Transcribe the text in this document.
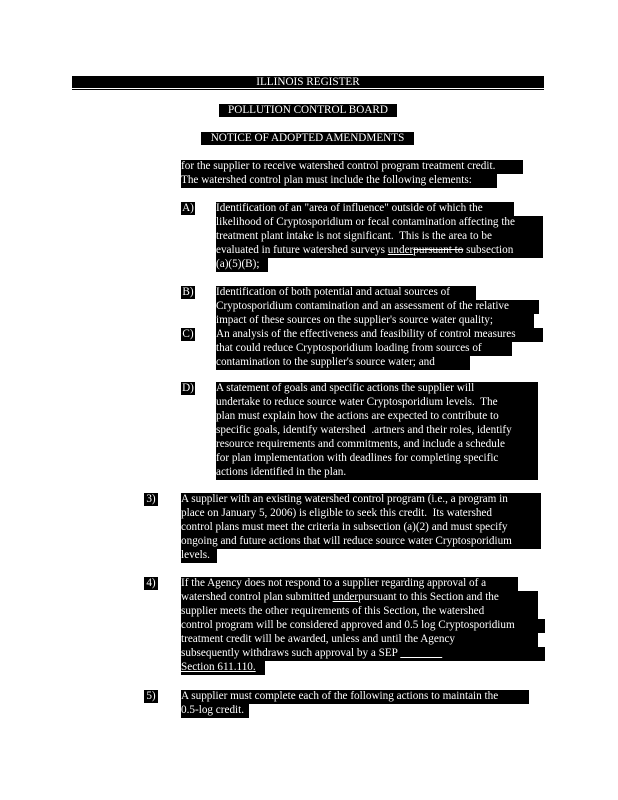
ILLINOIS REGISTER
POLLUTION CONTROL BOARD
NOTICE OF ADOPTED AMENDMENTS
for the supplier to receive watershed control program treatment credit.
The watershed control plan must include the following elements:
A) Identification of an "area of influence" outside of which the
likelihood of Cryptosporidium or fecal contamination affecting the
treatment plant intake is not significant.  This is the area to be
evaluated in future watershed surveys underpursuant to subsection
(a)(5)(B);
B) Identification of both potential and actual sources of
Cryptosporidium contamination and an assessment of the relative
impact of these sources on the supplier's source water quality;
C) An analysis of the effectiveness and feasibility of control measures
that could reduce Cryptosporidium loading from sources of
contamination to the supplier's source water; and
D) A statement of goals and specific actions the supplier will
undertake to reduce source water Cryptosporidium levels.  The
plan must explain how the actions are expected to contribute to
specific goals, identify watershed  .artners and their roles, identify
resource requirements and commitments, and include a schedule
for plan implementation with deadlines for completing specific
actions identified in the plan.
3) A supplier with an existing watershed control program (i.e., a program in
place on January 5, 2006) is eligible to seek this credit.  Its watershed
control plans must meet the criteria in subsection (a)(2) and must specify
ongoing and future actions that will reduce source water Cryptosporidium
levels.
4) If the Agency does not respond to a supplier regarding approval of a
watershed control plan submitted underpursuant to this Section and the
supplier meets the other requirements of this Section, the watershed
control program will be considered approved and 0.5 log Cryptosporidium
treatment credit will be awarded, unless and until the Agency
subsequently withdraws such approval by a SEP
Section 611.110.
5) A supplier must complete each of the following actions to maintain the
0.5-log credit.
